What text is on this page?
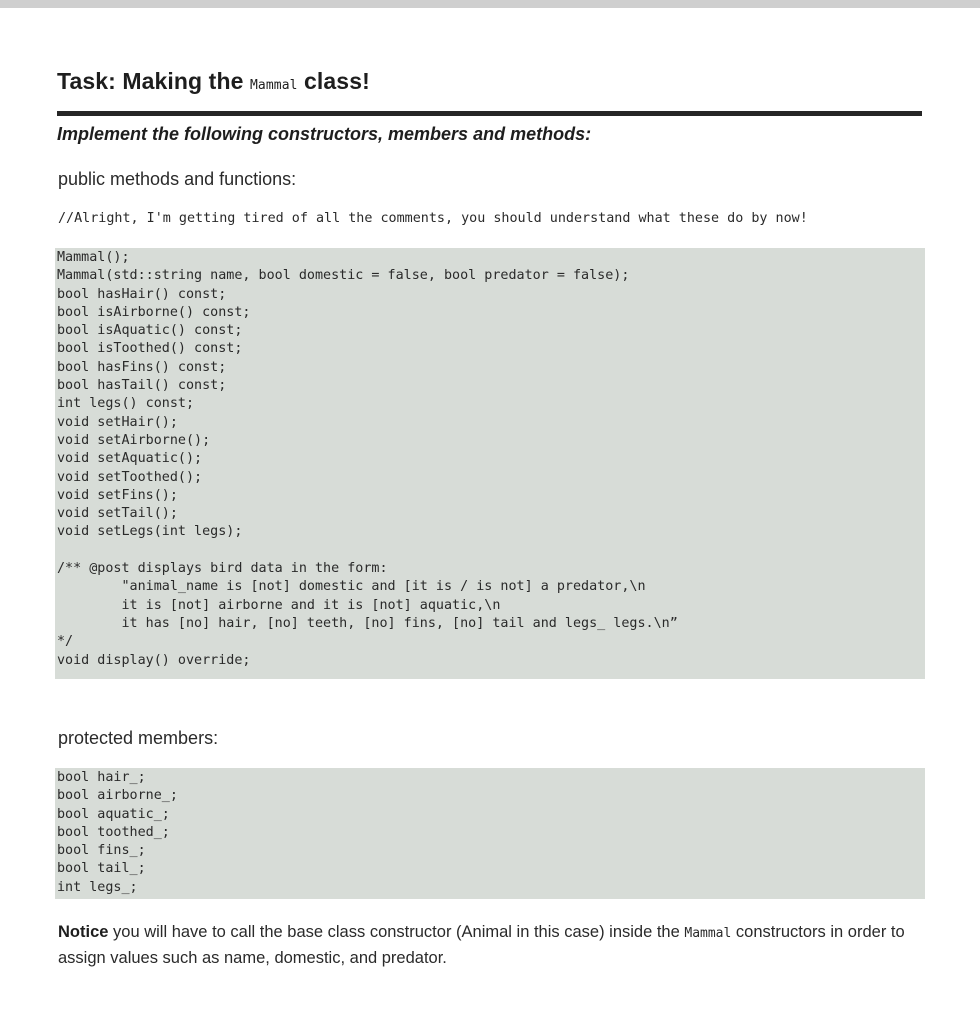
Task: Making the Mammal class!
Implement the following constructors, members and methods:

public methods and functions:

//Alright, I'm getting tired of all the comments, you should understand what these do by now!

Mammal();
Mammal(std::string name, bool domestic = false, bool predator = false);
bool hasHair() const;
bool isAirborne() const;
bool isAquatic() const;
bool isToothed() const;
bool hasFins() const;
bool hasTail() const;
int legs() const;
void setHair();
void setAirborne();
void setAquatic();
void setToothed();
void setFins();
void setTail();
void setLegs(int legs);
/** @post displays bird data in the form:
"animal_name is [not] domestic and [it is / is not] a predator,\n
it is [not] airborne and it is [not] aquatic,\n
it has [no] hair, [no] teeth, [no] fins, [no] tail and legs_ legs.\n”
*/
void display() override;

protected members:

bool hair_;
bool airborne_;
bool aquatic_;
bool toothed_;
bool fins_;
bool tail_;
int legs_;

Notice you will have to call the base class constructor (Animal in this case) inside the Mammal constructors in order to assign values such as name, domestic, and predator.
